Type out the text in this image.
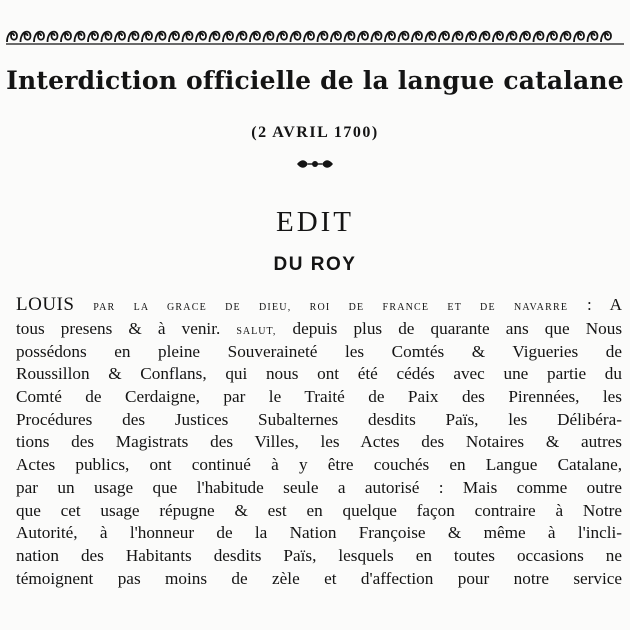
Interdiction officielle de la langue catalane
(2 AVRIL 1700)
EDIT
DU ROY
LOUIS PAR LA GRACE DE DIEU, ROI DE FRANCE ET DE NAVARRE : A
tous presens & à venir. SALUT, depuis plus de quarante ans que Nous
possédons en pleine Souveraineté les Comtés & Vigueries de
Roussillon & Conflans, qui nous ont été cédés avec une partie du
Comté de Cerdaigne, par le Traité de Paix des Pirennées, les
Procédures des Justices Subalternes desdits Païs, les Délibéra-
tions des Magistrats des Villes, les Actes des Notaires & autres
Actes publics, ont continué à y être couchés en Langue Catalane,
par un usage que l'habitude seule a autorisé : Mais comme outre
que cet usage répugne & est en quelque façon contraire à Notre
Autorité, à l'honneur de la Nation Françoise & même à l'incli-
nation des Habitants desdits Païs, lesquels en toutes occasions ne
témoignent pas moins de zèle et d'affection pour notre service
